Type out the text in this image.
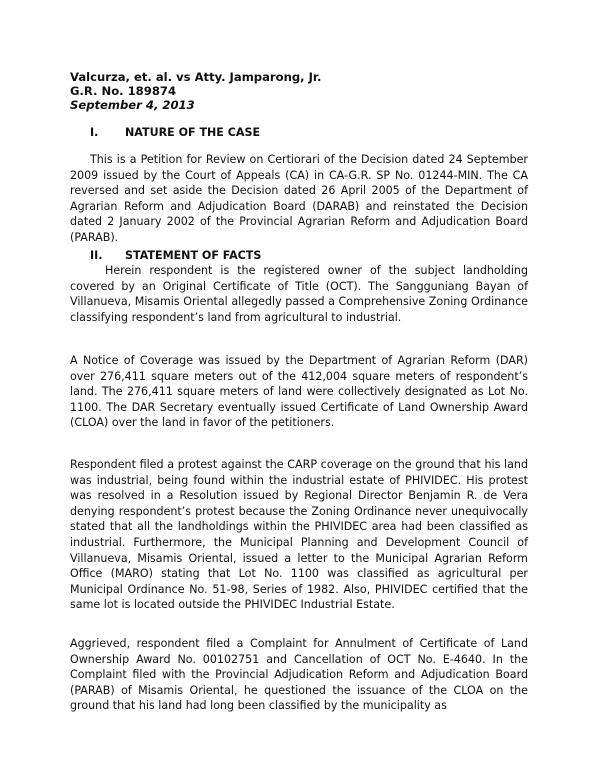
Valcurza, et. al. vs Atty. Jamparong, Jr.
G.R. No. 189874
September 4, 2013
I. NATURE OF THE CASE

This is a Petition for Review on Certiorari of the Decision dated 24 September 2009 issued by the Court of Appeals (CA) in CA-G.R. SP No. 01244-MIN. The CA reversed and set aside the Decision dated 26 April 2005 of the Department of Agrarian Reform and Adjudication Board (DARAB) and reinstated the Decision dated 2 January 2002 of the Provincial Agrarian Reform and Adjudication Board (PARAB).

II. STATEMENT OF FACTS

Herein respondent is the registered owner of the subject landholding covered by an Original Certificate of Title (OCT). The Sangguniang Bayan of Villanueva, Misamis Oriental allegedly passed a Comprehensive Zoning Ordinance classifying respondent’s land from agricultural to industrial.

A Notice of Coverage was issued by the Department of Agrarian Reform (DAR) over 276,411 square meters out of the 412,004 square meters of respondent’s land. The 276,411 square meters of land were collectively designated as Lot No. 1100. The DAR Secretary eventually issued Certificate of Land Ownership Award (CLOA) over the land in favor of the petitioners.

Respondent filed a protest against the CARP coverage on the ground that his land was industrial, being found within the industrial estate of PHIVIDEC. His protest was resolved in a Resolution issued by Regional Director Benjamin R. de Vera denying respondent’s protest because the Zoning Ordinance never unequivocally stated that all the landholdings within the PHIVIDEC area had been classified as industrial. Furthermore, the Municipal Planning and Development Council of Villanueva, Misamis Oriental, issued a letter to the Municipal Agrarian Reform Office (MARO) stating that Lot No. 1100 was classified as agricultural per Municipal Ordinance No. 51-98, Series of 1982. Also, PHIVIDEC certified that the same lot is located outside the PHIVIDEC Industrial Estate.

Aggrieved, respondent filed a Complaint for Annulment of Certificate of Land Ownership Award No. 00102751 and Cancellation of OCT No. E-4640. In the Complaint filed with the Provincial Adjudication Reform and Adjudication Board (PARAB) of Misamis Oriental, he questioned the issuance of the CLOA on the ground that his land had long been classified by the municipality as
